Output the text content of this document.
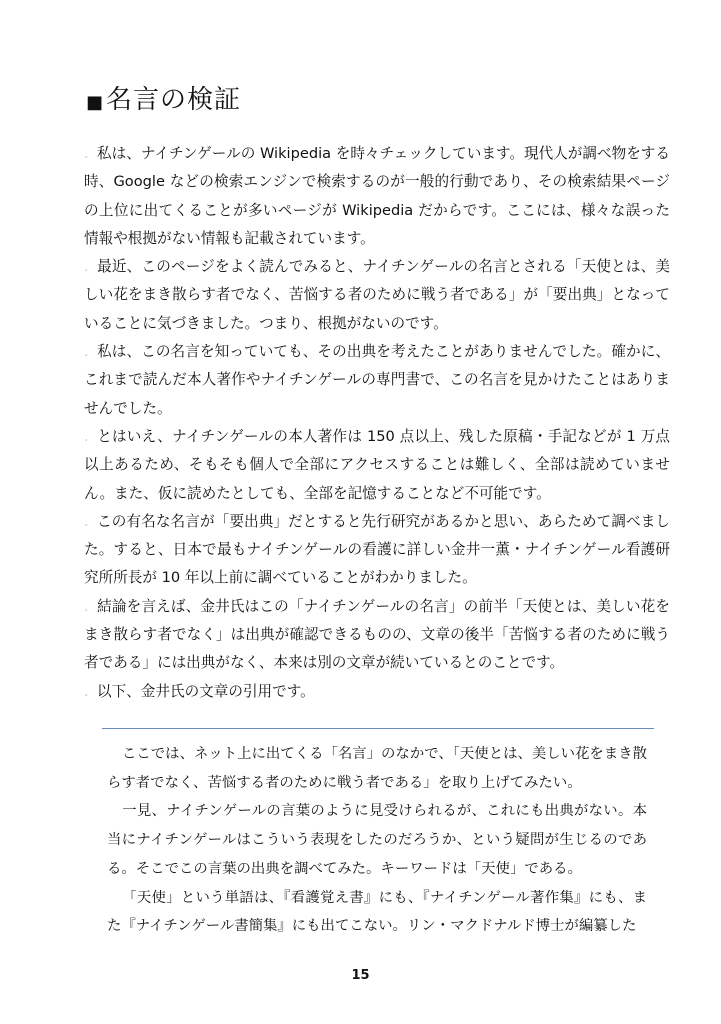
■名言の検証

. 私は、ナイチンゲールの Wikipedia を時々チェックしています。現代人が調べ物をする時、Google などの検索エンジンで検索するのが一般的行動であり、その検索結果ページの上位に出てくることが多いページが Wikipedia だからです。ここには、様々な誤った情報や根拠がない情報も記載されています。

. 最近、このページをよく読んでみると、ナイチンゲールの名言とされる「天使とは、美しい花をまき散らす者でなく、苦悩する者のために戦う者である」が「要出典」となっていることに気づきました。つまり、根拠がないのです。

. 私は、この名言を知っていても、その出典を考えたことがありませんでした。確かに、これまで読んだ本人著作やナイチンゲールの専門書で、この名言を見かけたことはありませんでした。

. とはいえ、ナイチンゲールの本人著作は 150 点以上、残した原稿・手記などが 1 万点以上あるため、そもそも個人で全部にアクセスすることは難しく、全部は読めていません。また、仮に読めたとしても、全部を記憶することなど不可能です。

. この有名な名言が「要出典」だとすると先行研究があるかと思い、あらためて調べました。すると、日本で最もナイチンゲールの看護に詳しい金井一薫・ナイチンゲール看護研究所所長が 10 年以上前に調べていることがわかりました。

. 結論を言えば、金井氏はこの「ナイチンゲールの名言」の前半「天使とは、美しい花をまき散らす者でなく」は出典が確認できるものの、文章の後半「苦悩する者のために戦う者である」には出典がなく、本来は別の文章が続いているとのことです。

. 以下、金井氏の文章の引用です。

ここでは、ネット上に出てくる「名言」のなかで、「天使とは、美しい花をまき散らす者でなく、苦悩する者のために戦う者である」を取り上げてみたい。

一見、ナイチンゲールの言葉のように見受けられるが、これにも出典がない。本当にナイチンゲールはこういう表現をしたのだろうか、という疑問が生じるのである。そこでこの言葉の出典を調べてみた。キーワードは「天使」である。

「天使」という単語は、『看護覚え書』にも、『ナイチンゲール著作集』にも、また『ナイチンゲール書簡集』にも出てこない。リン・マクドナルド博士が編纂した

15
